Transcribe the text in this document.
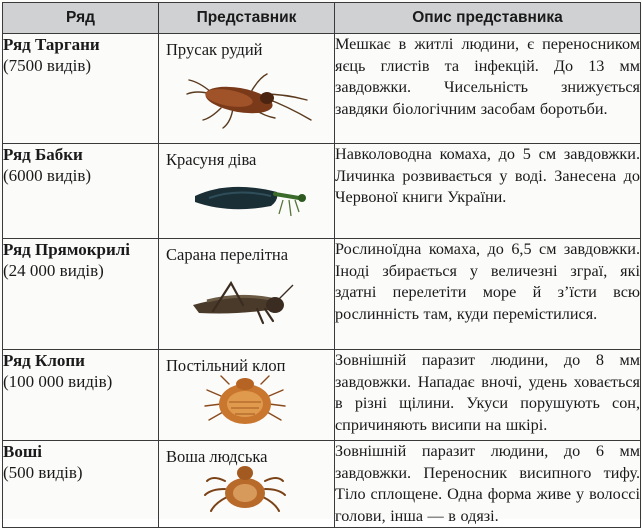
Ряд	Представник	Опис представника

Ряд Таргани
(7500 видів)	Прусак рудий	Мешкає в житлі людини, є переносником яєць глистів та інфекцій. До 13 мм завдовжки. Чисельність знижується завдяки біологічним засобам боротьби.

Ряд Бабки
(6000 видів)	Красуня діва	Навколоводна комаха, до 5 см завдовжки. Личинка розвивається у воді. Занесена до Червоної книги України.

Ряд Прямокрилі
(24 000 видів)	Сарана перелітна	Рослиноїдна комаха, до 6,5 см завдовжки. Іноді збирається у величезні зграї, які здатні перелетіти море й з’їсти всю рослинність там, куди перемістилися.

Ряд Клопи
(100 000 видів)	Постільний клоп	Зовнішній паразит людини, до 8 мм завдовжки. Нападає вночі, удень ховається в різні щілини. Укуси порушують сон, спричиняють висипи на шкірі.

Воші
(500 видів)	Воша людська	Зовнішній паразит людини, до 6 мм завдовжки. Переносник висипного тифу. Тіло сплощене. Одна форма живе у волоссі голови, інша — в одязі.
